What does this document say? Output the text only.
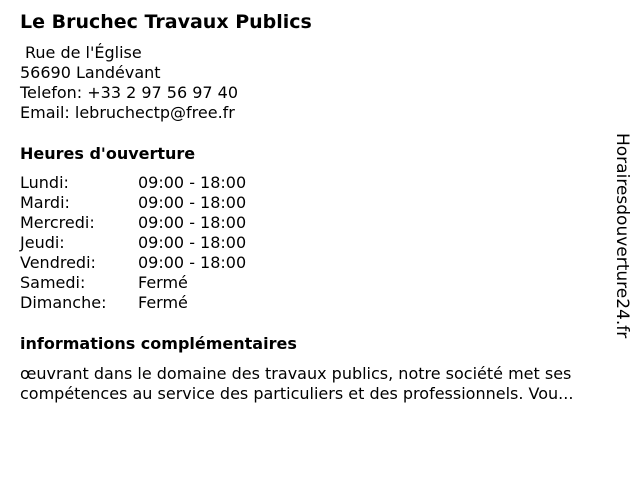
Le Bruchec Travaux Publics
Rue de l'Église
56690 Landévant
Telefon: +33 2 97 56 97 40
Email: lebruchectp@free.fr
Heures d'ouverture
Lundi:	09:00 - 18:00
Mardi:	09:00 - 18:00
Mercredi:	09:00 - 18:00
Jeudi:	09:00 - 18:00
Vendredi:	09:00 - 18:00
Samedi:	Fermé
Dimanche:	Fermé
informations complémentaires
œuvrant dans le domaine des travaux publics, notre société met ses
compétences au service des particuliers et des professionnels. Vou...
Horairesdouverture24.fr
